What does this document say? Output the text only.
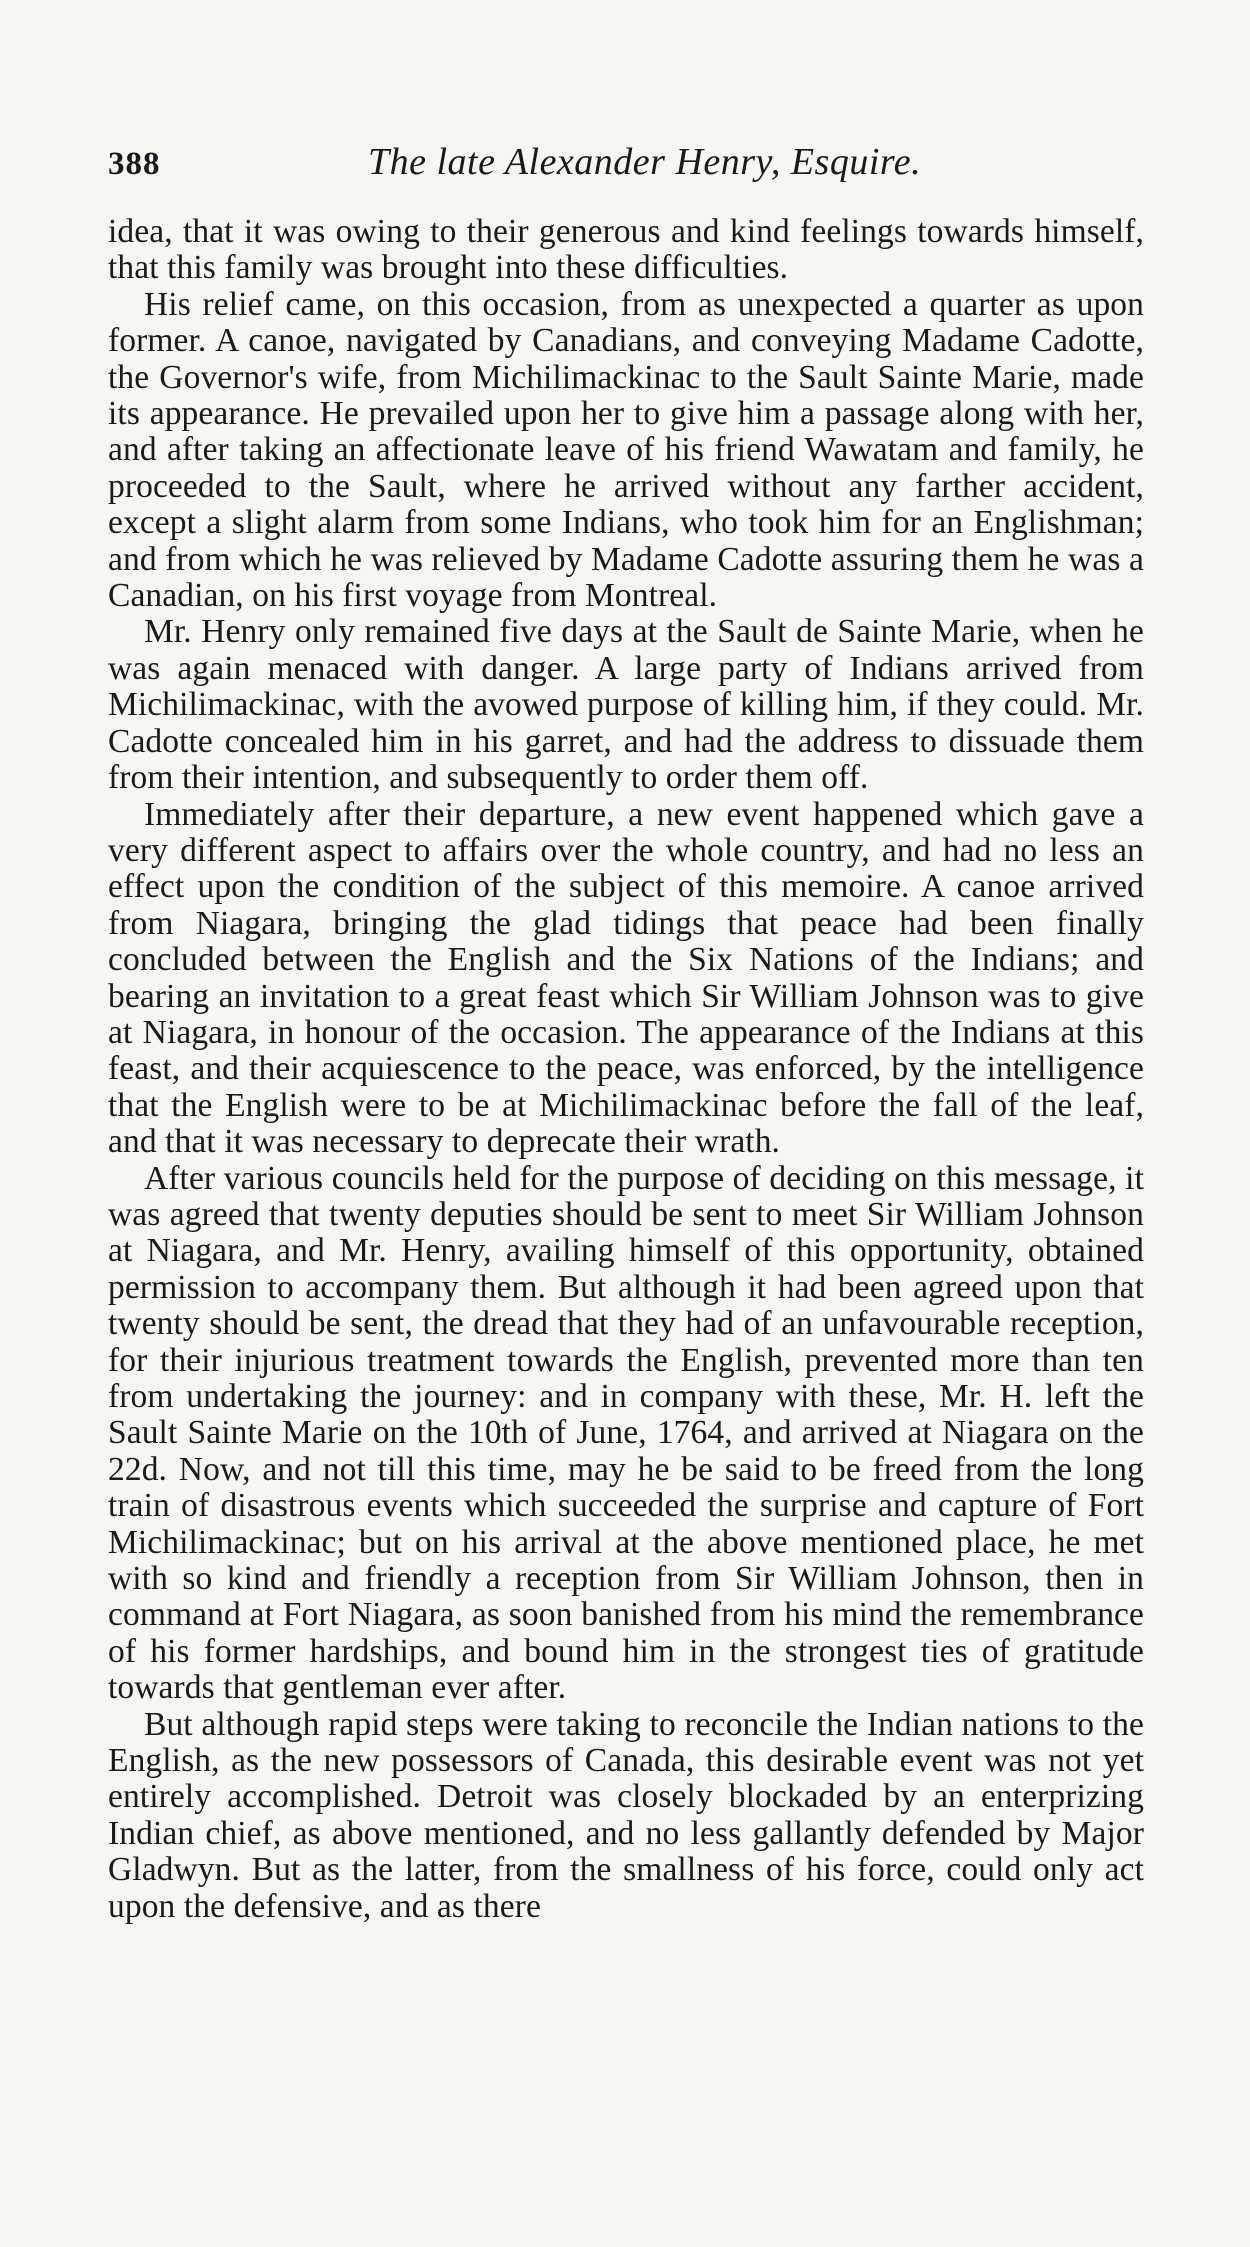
388	The late Alexander Henry, Esquire.

idea, that it was owing to their generous and kind feelings towards himself, that this family was brought into these difficulties.

His relief came, on this occasion, from as unexpected a quarter as upon former. A canoe, navigated by Canadians, and conveying Madame Cadotte, the Governor's wife, from Michilimackinac to the Sault Sainte Marie, made its appearance. He prevailed upon her to give him a passage along with her, and after taking an affectionate leave of his friend Wawatam and family, he proceeded to the Sault, where he arrived without any farther accident, except a slight alarm from some Indians, who took him for an Englishman; and from which he was relieved by Madame Cadotte assuring them he was a Canadian, on his first voyage from Montreal.

Mr. Henry only remained five days at the Sault de Sainte Marie, when he was again menaced with danger. A large party of Indians arrived from Michilimackinac, with the avowed purpose of killing him, if they could. Mr. Cadotte concealed him in his garret, and had the address to dissuade them from their intention, and subsequently to order them off.

Immediately after their departure, a new event happened which gave a very different aspect to affairs over the whole country, and had no less an effect upon the condition of the subject of this memoire. A canoe arrived from Niagara, bringing the glad tidings that peace had been finally concluded between the English and the Six Nations of the Indians; and bearing an invitation to a great feast which Sir William Johnson was to give at Niagara, in honour of the occasion. The appearance of the Indians at this feast, and their acquiescence to the peace, was enforced, by the intelligence that the English were to be at Michilimackinac before the fall of the leaf, and that it was necessary to deprecate their wrath.

After various councils held for the purpose of deciding on this message, it was agreed that twenty deputies should be sent to meet Sir William Johnson at Niagara, and Mr. Henry, availing himself of this opportunity, obtained permission to accompany them. But although it had been agreed upon that twenty should be sent, the dread that they had of an unfavourable reception, for their injurious treatment towards the English, prevented more than ten from undertaking the journey: and in company with these, Mr. H. left the Sault Sainte Marie on the 10th of June, 1764, and arrived at Niagara on the 22d. Now, and not till this time, may he be said to be freed from the long train of disastrous events which succeeded the surprise and capture of Fort Michilimackinac; but on his arrival at the above mentioned place, he met with so kind and friendly a reception from Sir William Johnson, then in command at Fort Niagara, as soon banished from his mind the remembrance of his former hardships, and bound him in the strongest ties of gratitude towards that gentleman ever after.

But although rapid steps were taking to reconcile the Indian nations to the English, as the new possessors of Canada, this desirable event was not yet entirely accomplished. Detroit was closely blockaded by an enterprizing Indian chief, as above mentioned, and no less gallantly defended by Major Gladwyn. But as the latter, from the smallness of his force, could only act upon the defensive, and as there
